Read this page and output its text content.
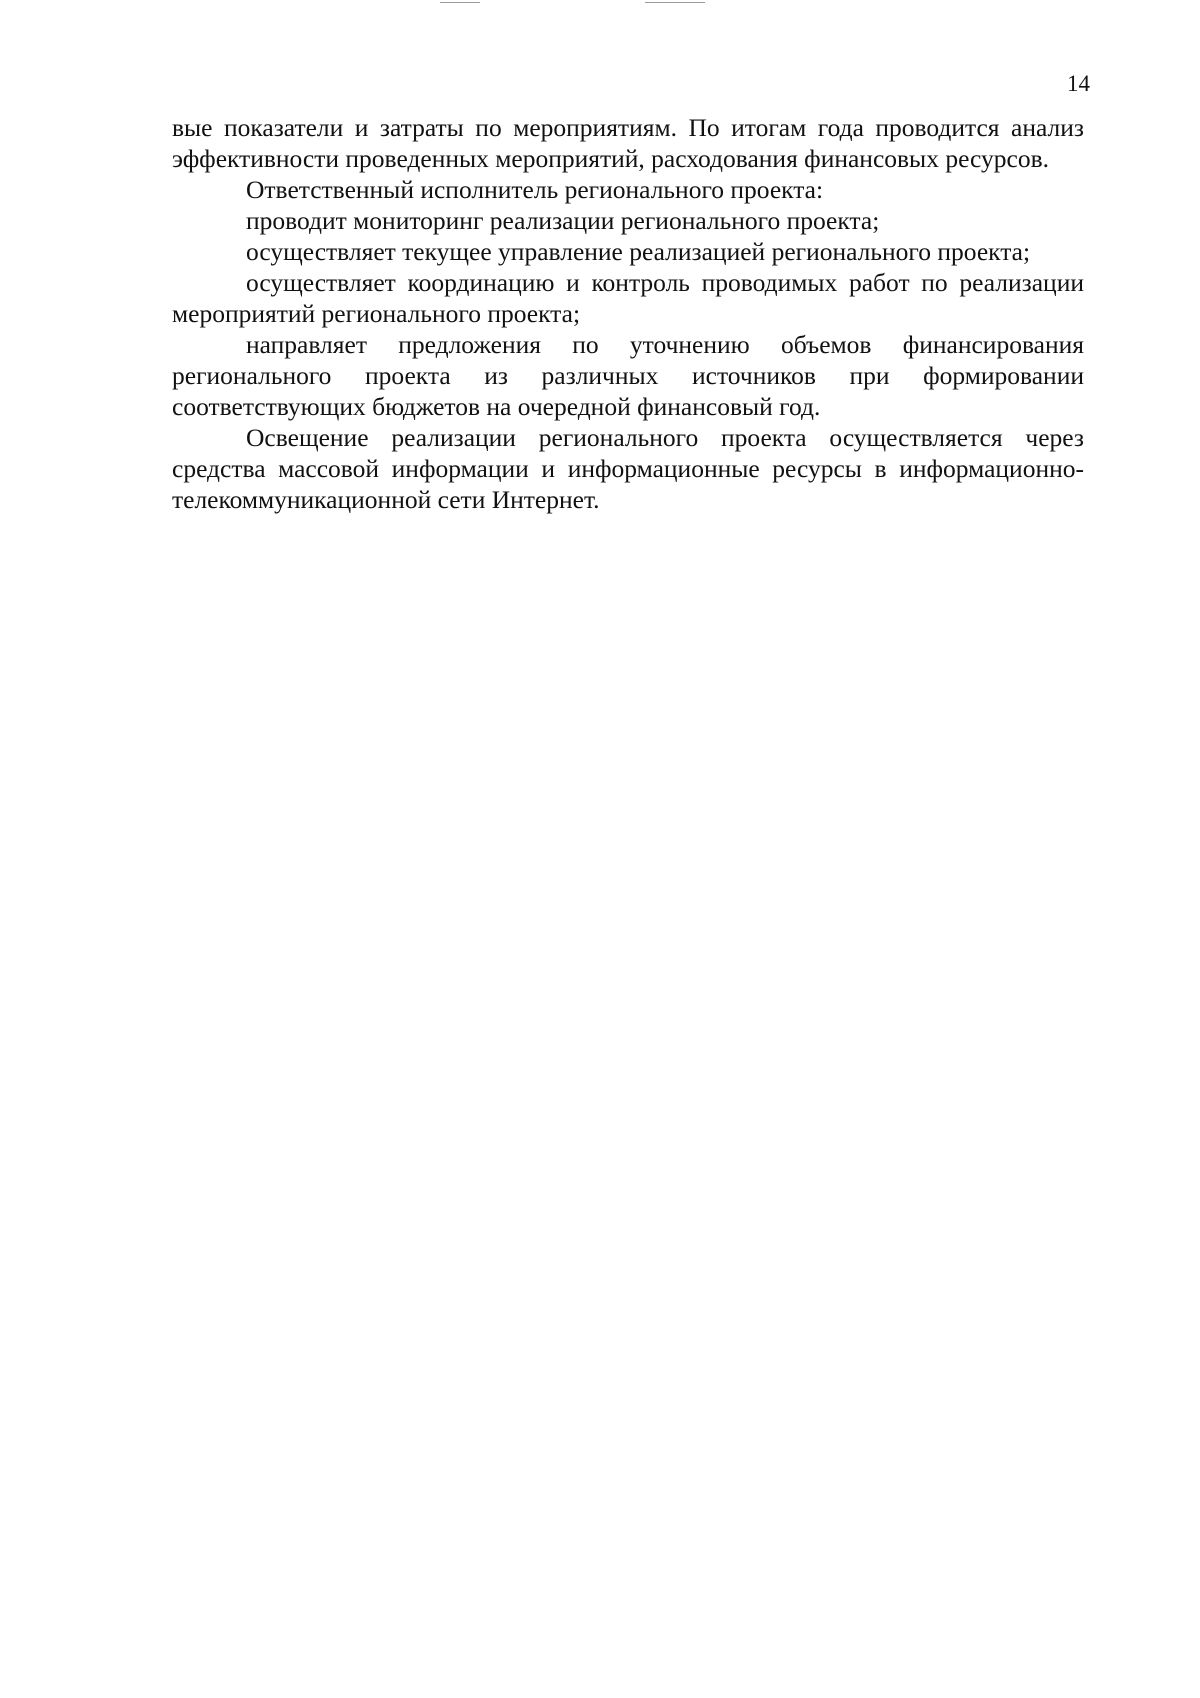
14

вые показатели и затраты по мероприятиям. По итогам года проводится анализ эффективности проведенных мероприятий, расходования финансовых ресурсов.

Ответственный исполнитель регионального проекта:

проводит мониторинг реализации регионального проекта;

осуществляет текущее управление реализацией регионального проекта;

осуществляет координацию и контроль проводимых работ по реализации мероприятий регионального проекта;

направляет предложения по уточнению объемов финансирования регионального проекта из различных источников при формировании соответствующих бюджетов на очередной финансовый год.

Освещение реализации регионального проекта осуществляется через средства массовой информации и информационные ресурсы в информационно-телекоммуникационной сети Интернет.
